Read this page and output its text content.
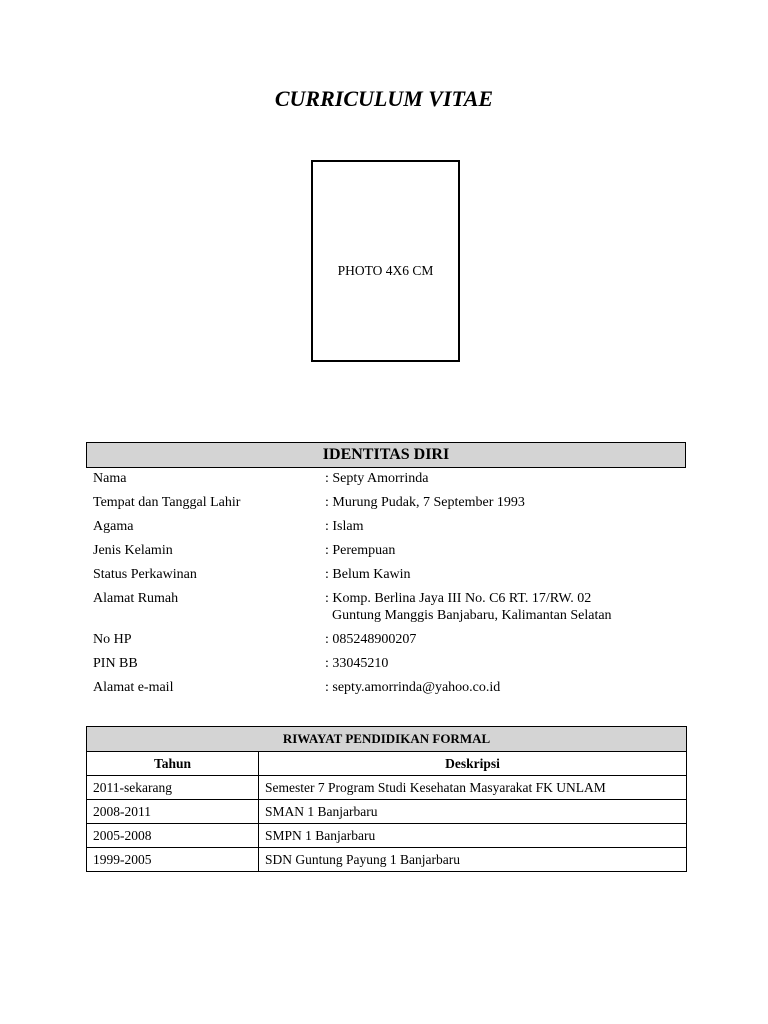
CURRICULUM VITAE
PHOTO 4X6 CM
IDENTITAS DIRI
Nama	: Septy Amorrinda
Tempat dan Tanggal Lahir	: Murung Pudak, 7 September 1993
Agama	: Islam
Jenis Kelamin	: Perempuan
Status Perkawinan	: Belum Kawin
Alamat Rumah	: Komp. Berlina Jaya III No. C6 RT. 17/RW. 02
Guntung Manggis Banjabaru, Kalimantan Selatan
No HP	: 085248900207
PIN BB	: 33045210
Alamat e-mail	: septy.amorrinda@yahoo.co.id
RIWAYAT PENDIDIKAN FORMAL	
Tahun	Deskripsi
2011-sekarang	Semester 7 Program Studi Kesehatan Masyarakat FK UNLAM
2008-2011	SMAN 1 Banjarbaru
2005-2008	SMPN 1 Banjarbaru
1999-2005	SDN Guntung Payung 1 Banjarbaru
